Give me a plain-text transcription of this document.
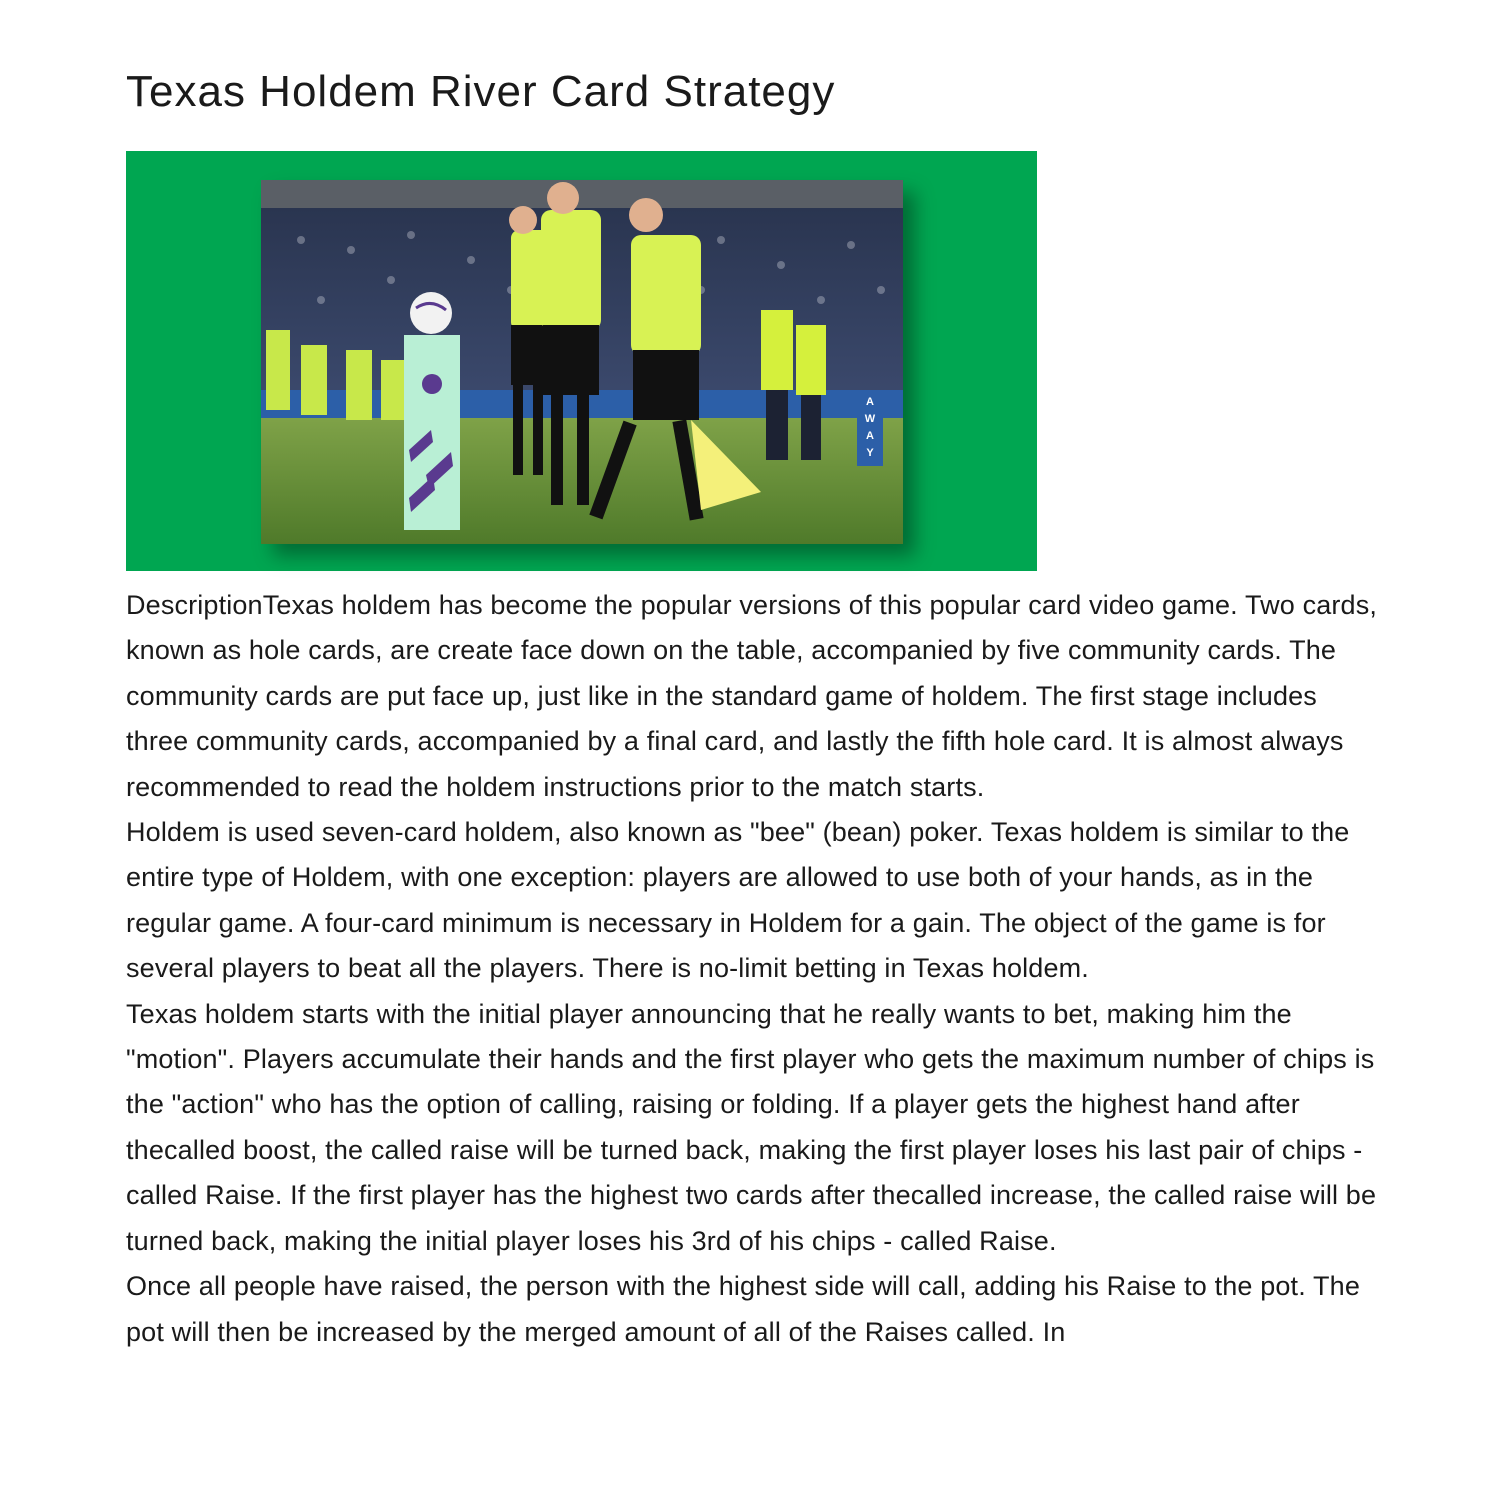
Texas Holdem River Card Strategy
A
W
A
Y

DescriptionTexas holdem has become the popular versions of this popular card video game. Two cards, known as hole cards, are create face down on the table, accompanied by five community cards. The community cards are put face up, just like in the standard game of holdem. The first stage includes three community cards, accompanied by a final card, and lastly the fifth hole card. It is almost always recommended to read the holdem instructions prior to the match starts.

Holdem is used seven-card holdem, also known as "bee" (bean) poker. Texas holdem is similar to the entire type of Holdem, with one exception: players are allowed to use both of your hands, as in the regular game. A four-card minimum is necessary in Holdem for a gain. The object of the game is for several players to beat all the players. There is no-limit betting in Texas holdem.

Texas holdem starts with the initial player announcing that he really wants to bet, making him the "motion". Players accumulate their hands and the first player who gets the maximum number of chips is the "action" who has the option of calling, raising or folding. If a player gets the highest hand after thecalled boost, the called raise will be turned back, making the first player loses his last pair of chips - called Raise. If the first player has the highest two cards after thecalled increase, the called raise will be turned back, making the initial player loses his 3rd of his chips - called Raise.

Once all people have raised, the person with the highest side will call, adding his Raise to the pot. The pot will then be increased by the merged amount of all of the Raises called. In
